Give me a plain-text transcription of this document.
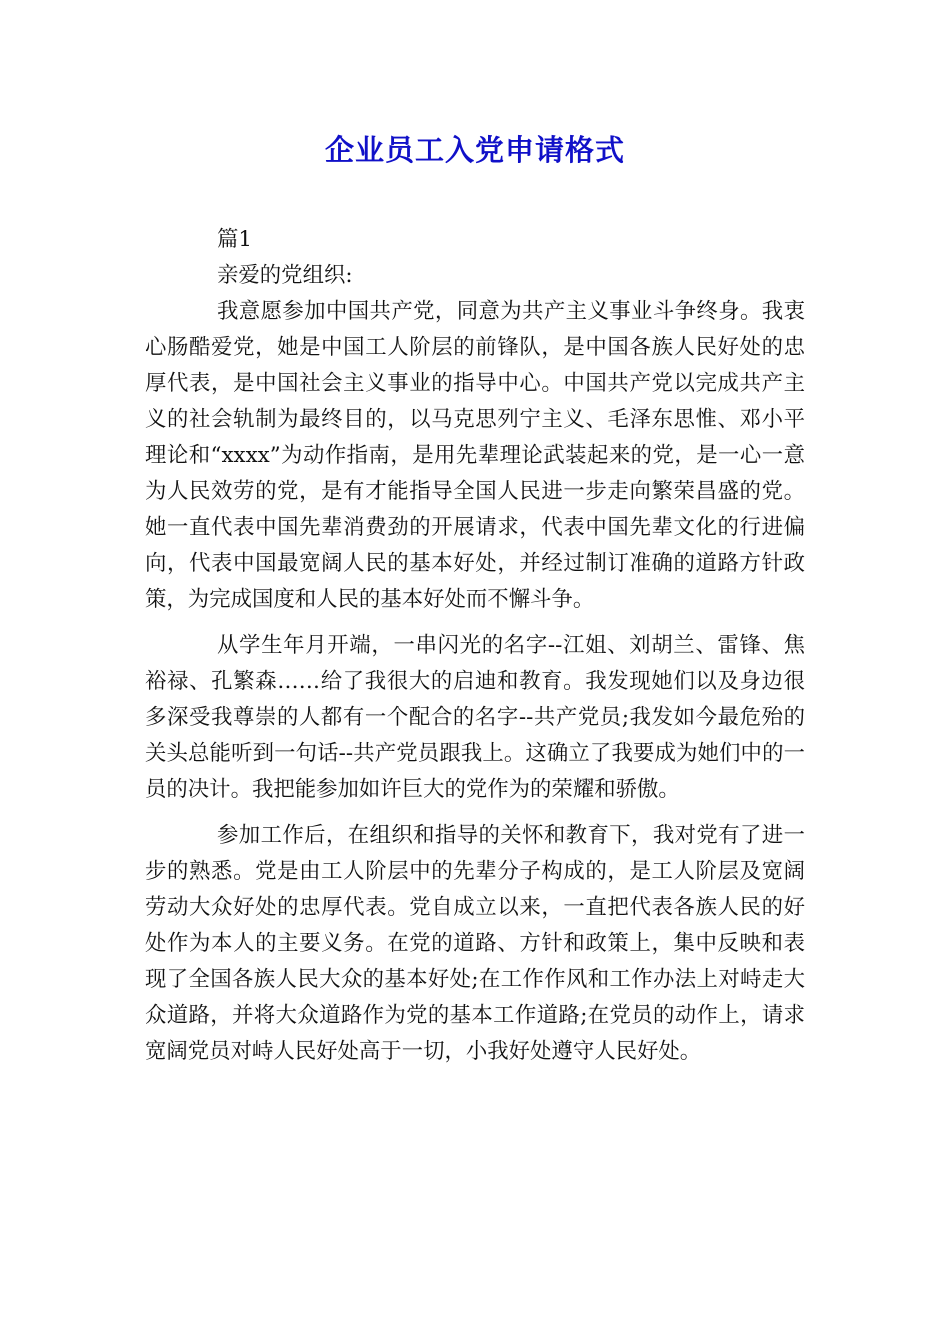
企业员工入党申请格式

篇1

亲爱的党组织:

我意愿参加中国共产党，同意为共产主义事业斗争终身。我衷心肠酷爱党，她是中国工人阶层的前锋队，是中国各族人民好处的忠厚代表，是中国社会主义事业的指导中心。中国共产党以完成共产主义的社会轨制为最终目的，以马克思列宁主义、毛泽东思惟、邓小平理论和“xxxx”为动作指南，是用先辈理论武装起来的党，是一心一意为人民效劳的党，是有才能指导全国人民进一步走向繁荣昌盛的党。她一直代表中国先辈消费劲的开展请求，代表中国先辈文化的行进偏向，代表中国最宽阔人民的基本好处，并经过制订准确的道路方针政策，为完成国度和人民的基本好处而不懈斗争。

从学生年月开端，一串闪光的名字--江姐、刘胡兰、雷锋、焦裕禄、孔繁森……给了我很大的启迪和教育。我发现她们以及身边很多深受我尊崇的人都有一个配合的名字--共产党员;我发如今最危殆的关头总能听到一句话--共产党员跟我上。这确立了我要成为她们中的一员的决计。我把能参加如许巨大的党作为的荣耀和骄傲。

参加工作后，在组织和指导的关怀和教育下，我对党有了进一步的熟悉。党是由工人阶层中的先辈分子构成的，是工人阶层及宽阔劳动大众好处的忠厚代表。党自成立以来，一直把代表各族人民的好处作为本人的主要义务。在党的道路、方针和政策上，集中反映和表现了全国各族人民大众的基本好处;在工作作风和工作办法上对峙走大众道路，并将大众道路作为党的基本工作道路;在党员的动作上，请求宽阔党员对峙人民好处高于一切，小我好处遵守人民好处。
